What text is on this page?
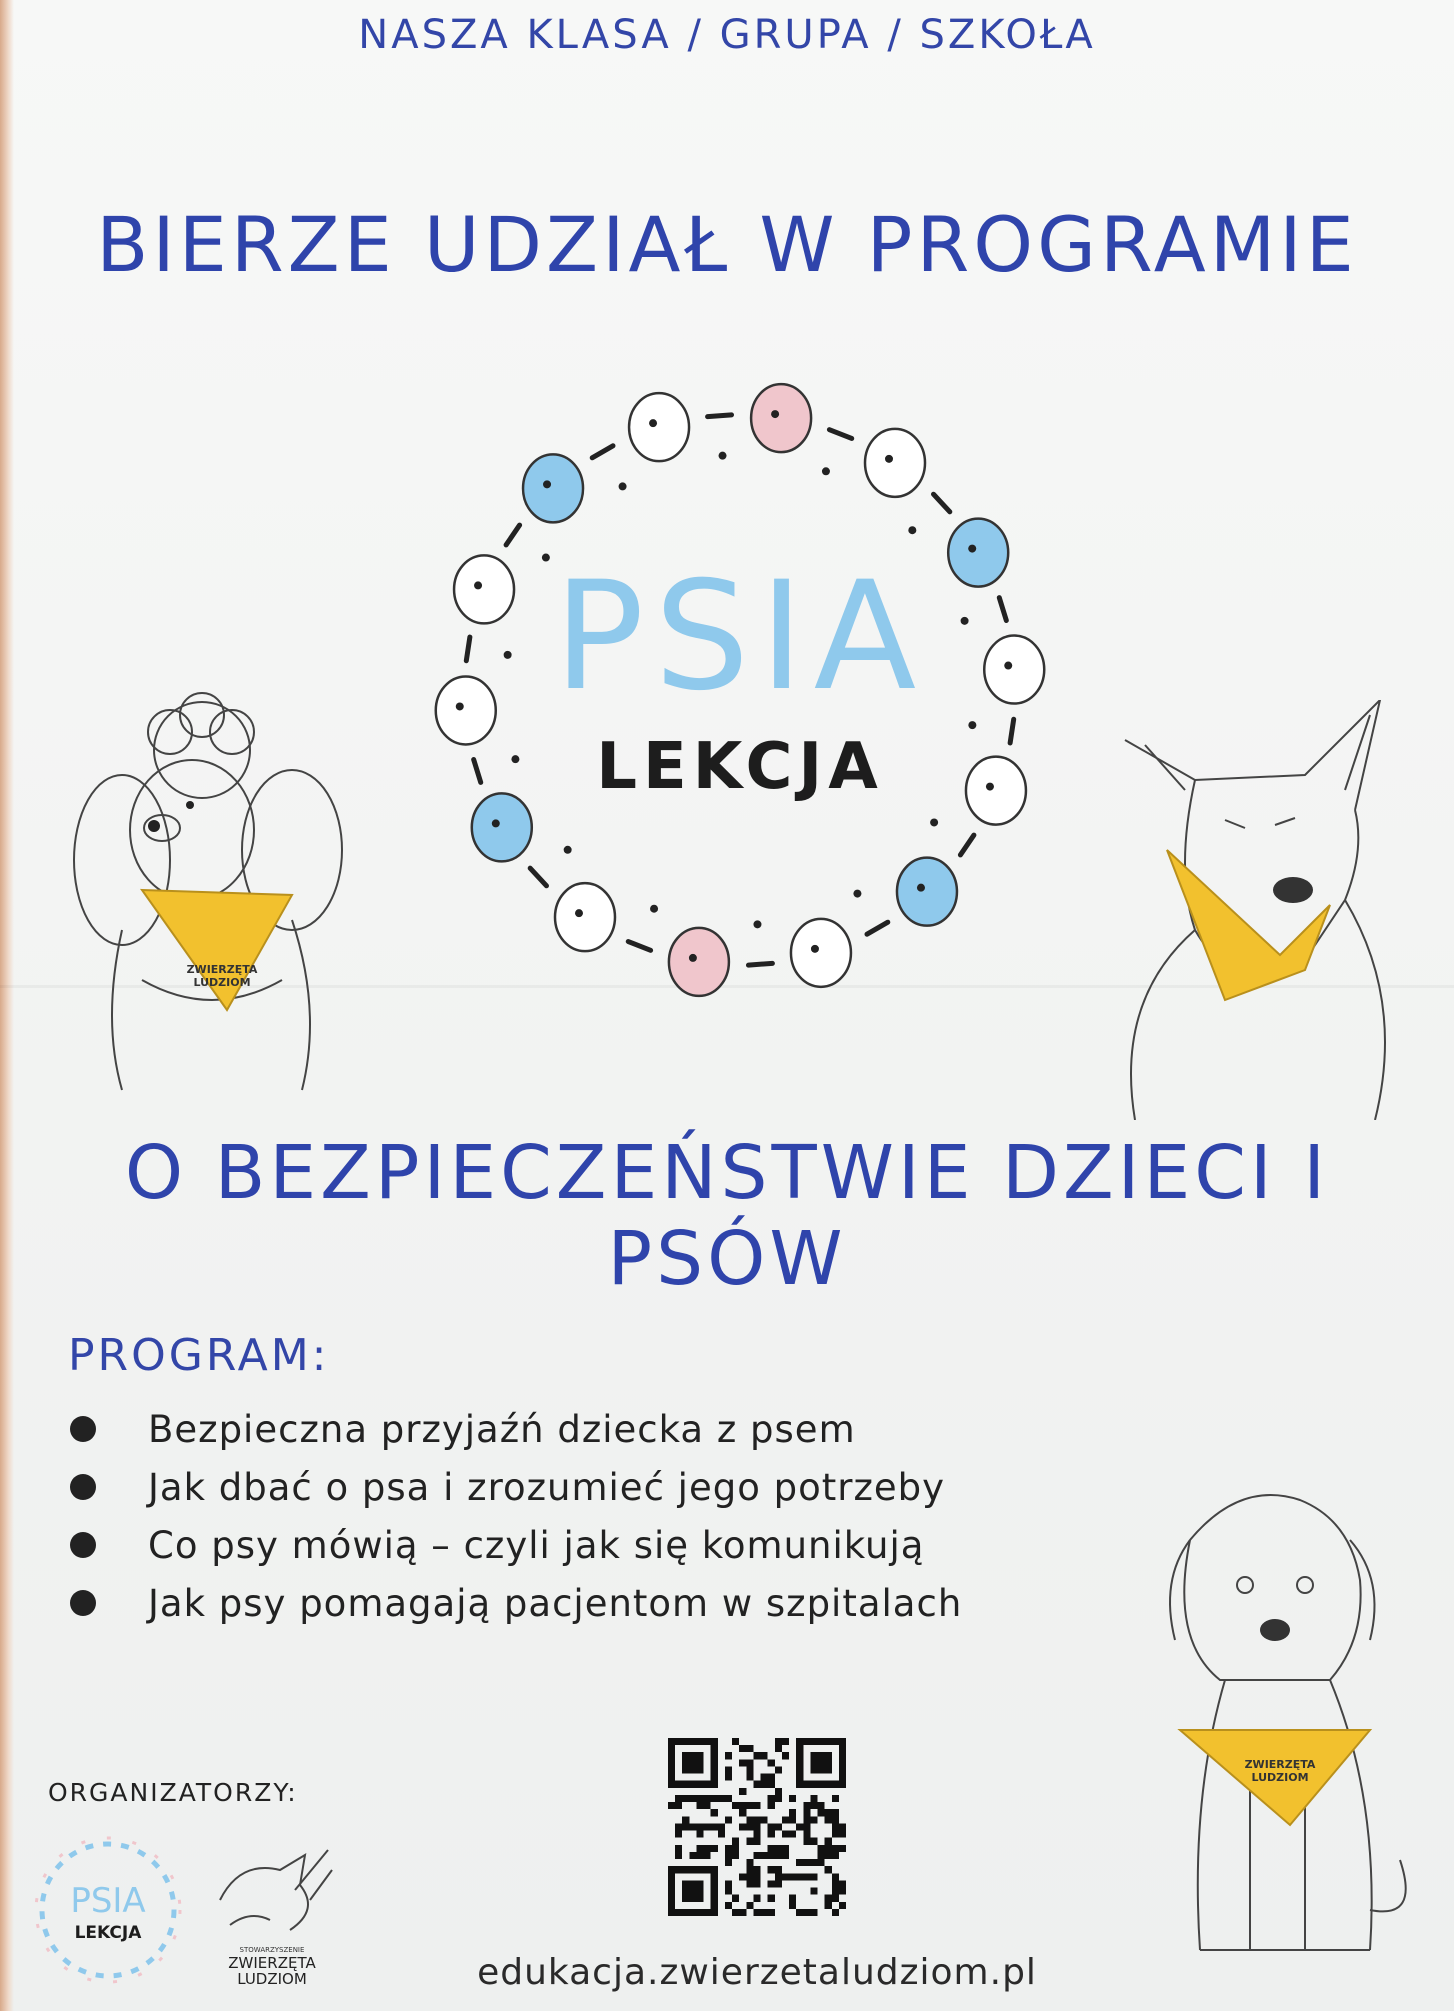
NASZA KLASA / GRUPA / SZKOŁA
BIERZE UDZIAŁ W PROGRAMIE
PSIA
LEKCJA
ZWIERZĘTA
LUDZIOM
O BEZPIECZEŃSTWIE DZIECI I PSÓW
PROGRAM:
Bezpieczna przyjaźń dziecka z psem
Jak dbać o psa i zrozumieć jego potrzeby
Co psy mówią – czyli jak się komunikują
Jak psy pomagają pacjentom w szpitalach
ZWIERZĘTA
LUDZIOM
ORGANIZATORZY:
PSIA
LEKCJA
STOWARZYSZENIE
ZWIERZĘTA
LUDZIOM	edukacja.zwierzetaludziom.pl
